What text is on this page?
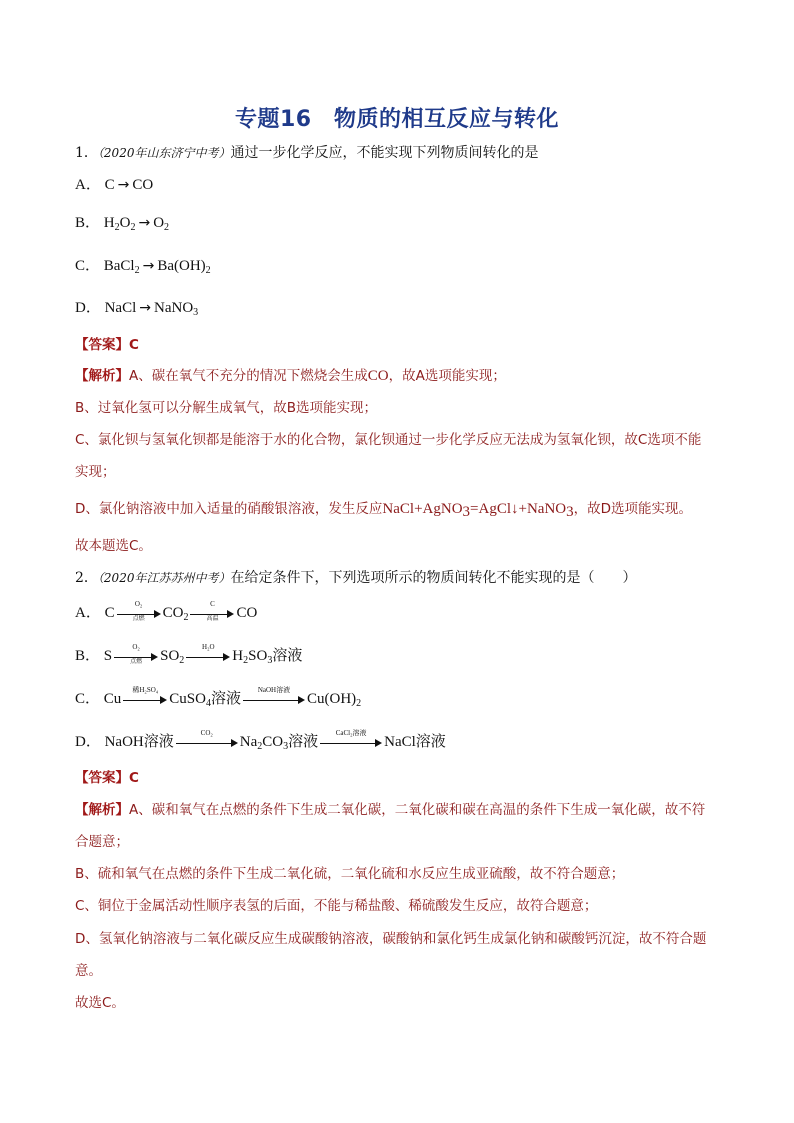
专题16　物质的相互反应与转化
1．（2020年山东济宁中考）通过一步化学反应，不能实现下列物质间转化的是
A． C → CO
B． $H_2O_2 \to O_2$
C． BaCl$_2$ → $Ba(OH)_2$
D． NaCl → NaNO$_3$
【答案】C
【解析】A、碳在氧气不充分的情况下燃烧会生成CO，故A选项能实现；
B、过氧化氢可以分解生成氧气，故B选项能实现；
C、氯化钡与氢氧化钡都是能溶于水的化合物，氯化钡通过一步化学反应无法成为氢氧化钡，故C选项不能
实现；
D、氯化钠溶液中加入适量的硝酸银溶液，发生反应NaCl+AgNO$_3$=AgCl↓+NaNO$_3$，故D选项能实现。
故本题选C。
2．（2020年江苏苏州中考）在给定条件下，下列选项所示的物质间转化不能实现的是（　　）
A． C
O₂
点燃	$CO_2$
C
高温	CO
B． S
O₂
点燃	$SO_2$
H₂O
$H_2SO_3$溶液
C． Cu
稀H₂SO₄
CuSO$_4$溶液
NaOH溶液
$Cu(OH)_2$
D． NaOH溶液
CO₂
$Na_2CO_3$溶液
CaCl₂溶液
NaCl溶液
【答案】C
【解析】A、碳和氧气在点燃的条件下生成二氧化碳，二氧化碳和碳在高温的条件下生成一氧化碳，故不符
合题意；
B、硫和氧气在点燃的条件下生成二氧化硫，二氧化硫和水反应生成亚硫酸，故不符合题意；
C、铜位于金属活动性顺序表氢的后面，不能与稀盐酸、稀硫酸发生反应，故符合题意；
D、氢氧化钠溶液与二氧化碳反应生成碳酸钠溶液，碳酸钠和氯化钙生成氯化钠和碳酸钙沉淀，故不符合题
意。
故选C。
